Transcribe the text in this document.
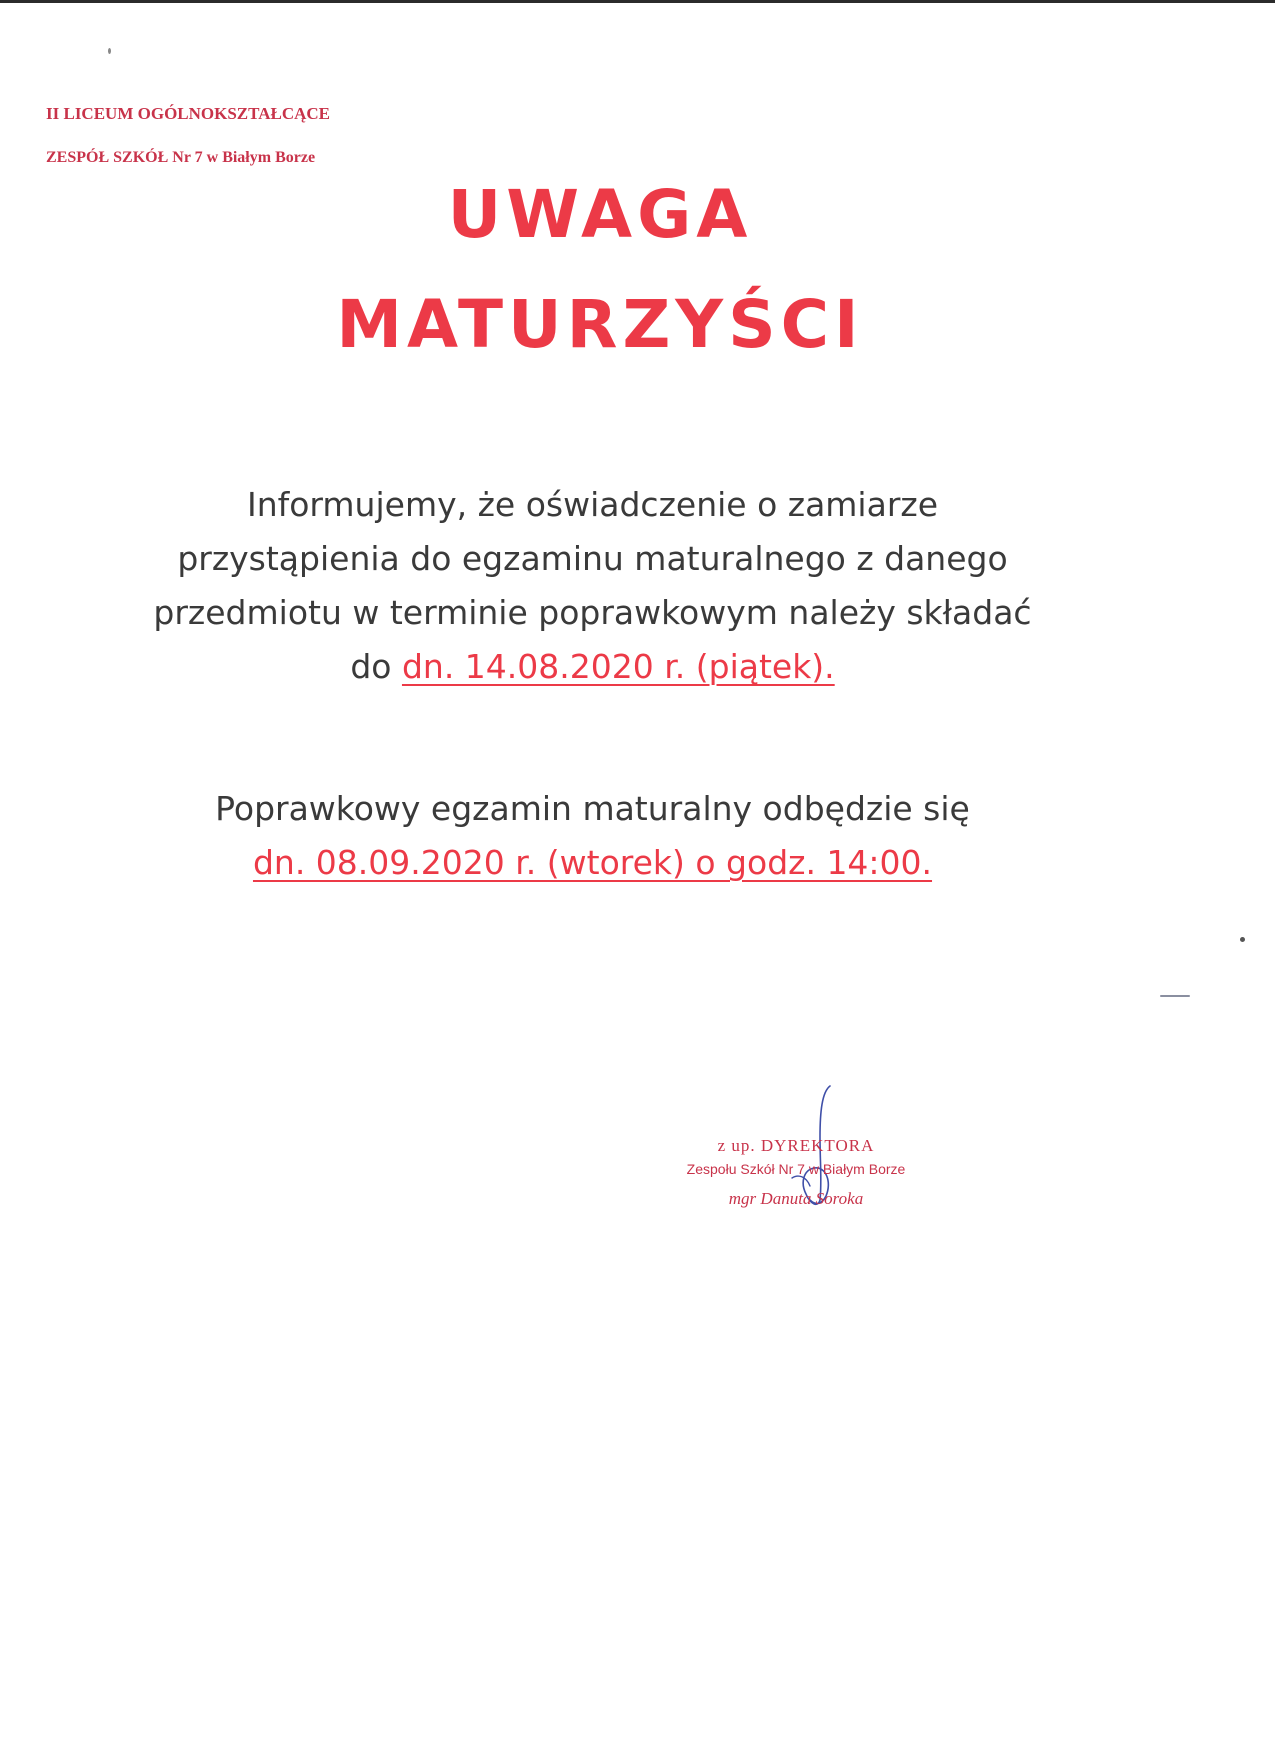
II LICEUM OGÓLNOKSZTAŁCĄCE
ZESPÓŁ SZKÓŁ Nr 7 w Białym Borze
UWAGA
MATURZYŚCI
Informujemy, że oświadczenie o zamiarze
przystąpienia do egzaminu maturalnego z danego
przedmiotu w terminie poprawkowym należy składać
do dn. 14.08.2020 r. (piątek).
Poprawkowy egzamin maturalny odbędzie się
dn. 08.09.2020 r. (wtorek) o godz. 14:00.
z up. DYREKTORA
Zespołu Szkół Nr 7 w Białym Borze
mgr Danuta Soroka
